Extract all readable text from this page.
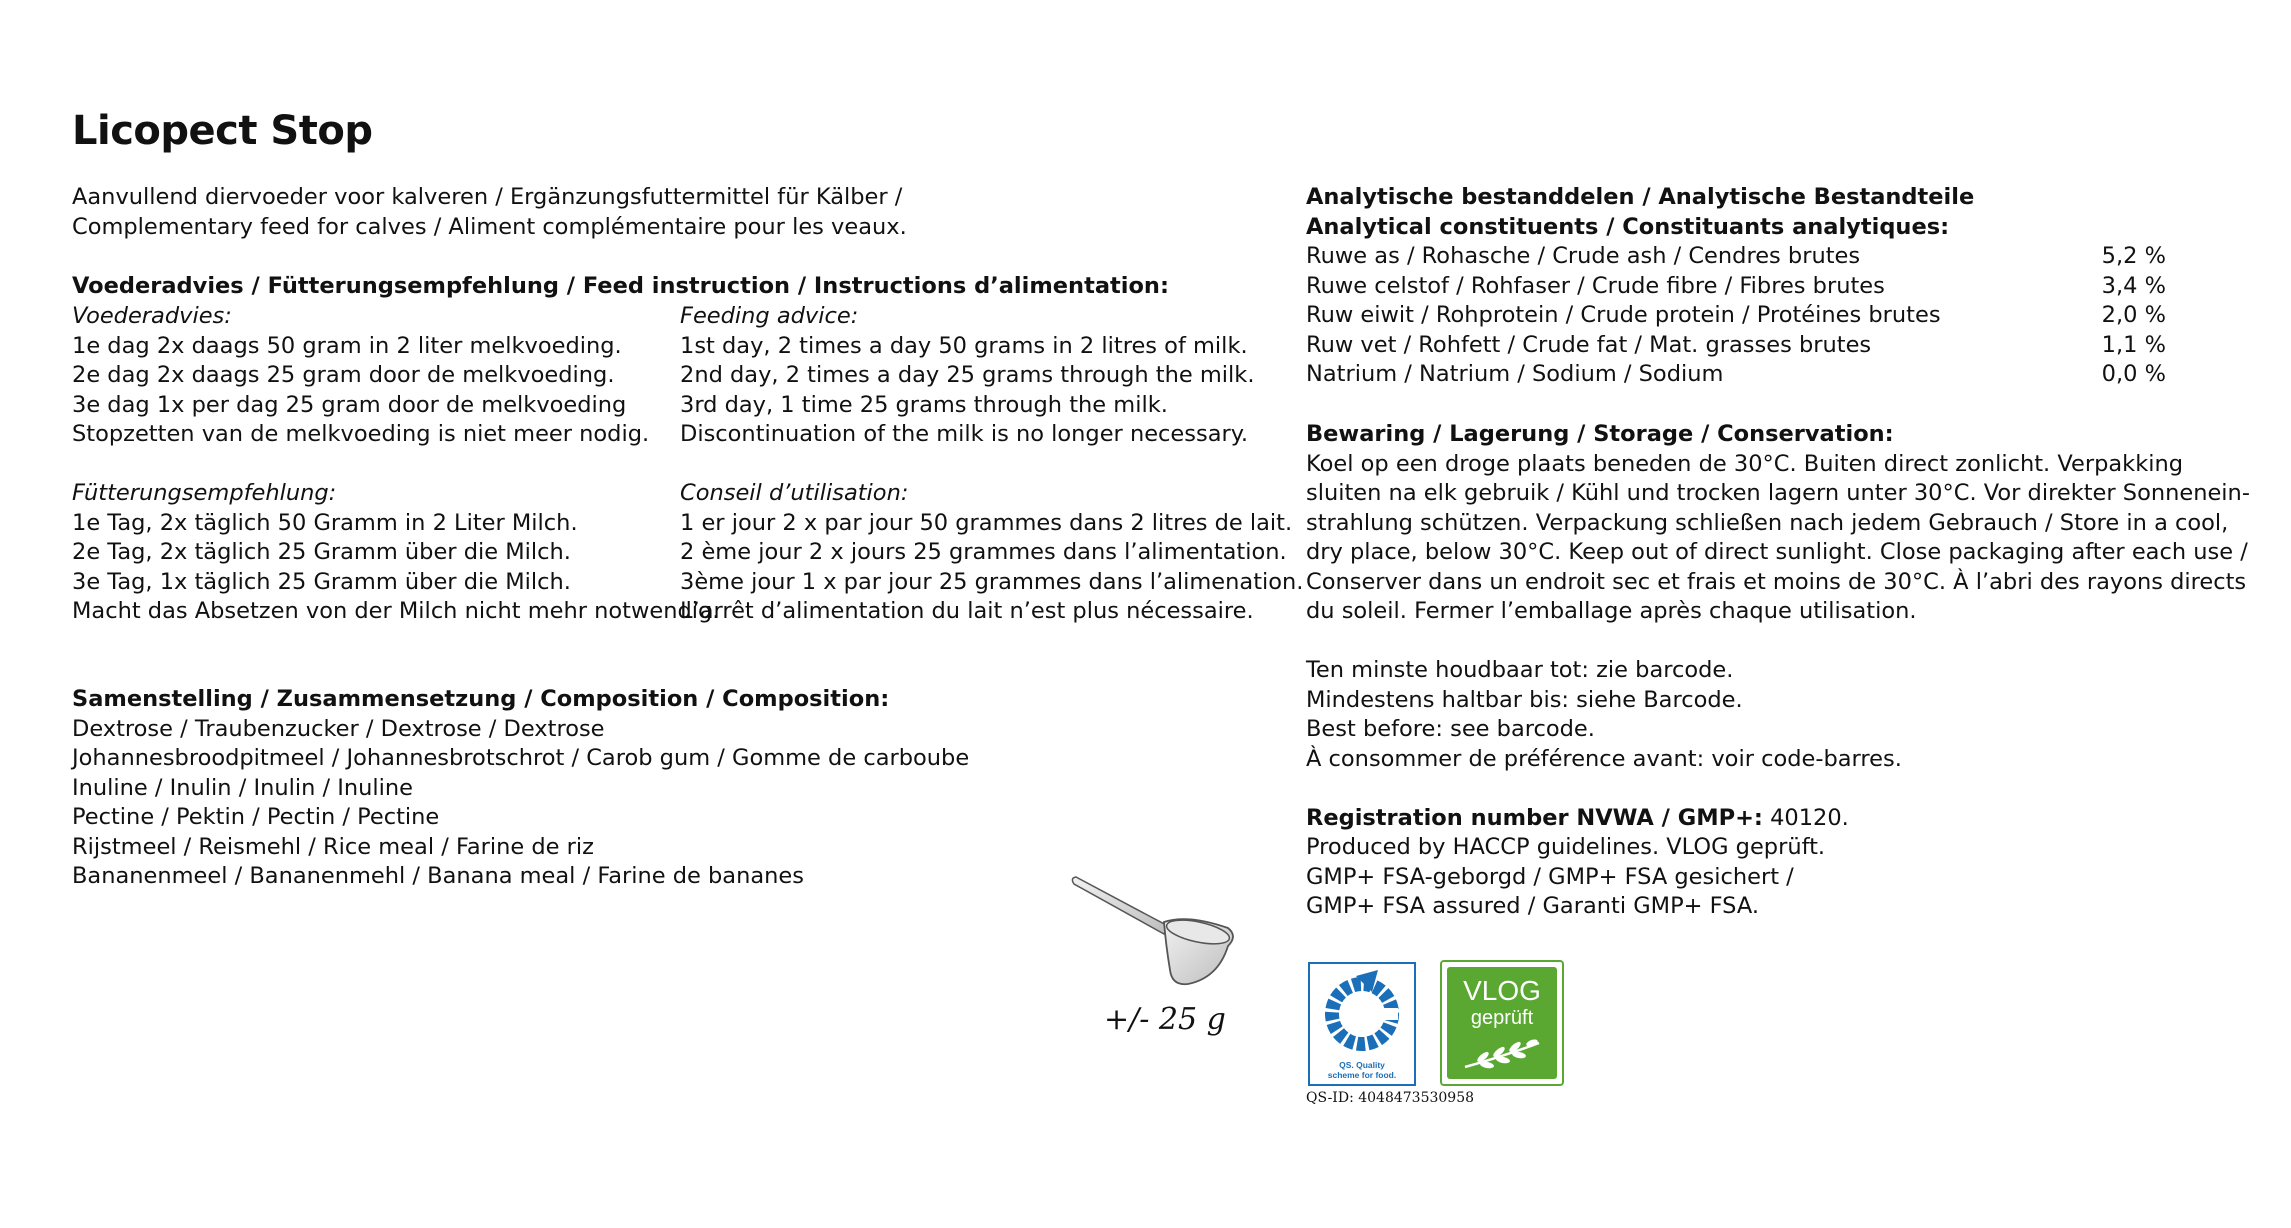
Licopect Stop
Aanvullend diervoeder voor kalveren / Ergänzungsfuttermittel für Kälber /
Complementary feed for calves / Aliment complémentaire pour les veaux.
Voederadvies / Fütterungsempfehlung / Feed instruction / Instructions d’alimentation:
Voederadvies:
1e dag 2x daags 50 gram in 2 liter melkvoeding.
2e dag 2x daags 25 gram door de melkvoeding.
3e dag 1x per dag 25 gram door de melkvoeding
Stopzetten van de melkvoeding is niet meer nodig.
Fütterungsempfehlung:
1e Tag, 2x täglich 50 Gramm in 2 Liter Milch.
2e Tag, 2x täglich 25 Gramm über die Milch.
3e Tag, 1x täglich 25 Gramm über die Milch.
Macht das Absetzen von der Milch nicht mehr notwendig.
Feeding advice:
1st day, 2 times a day 50 grams in 2 litres of milk.
2nd day, 2 times a day 25 grams through the milk.
3rd day, 1 time 25 grams through the milk.
Discontinuation of the milk is no longer necessary.
Conseil d’utilisation:
1 er jour 2 x par jour 50 grammes dans 2 litres de lait.
2 ème jour 2 x jours 25 grammes dans l’alimentation.
3ème jour 1 x par jour 25 grammes dans l’alimenation.
L’arrêt d’alimentation du lait n’est plus nécessaire.
Samenstelling / Zusammensetzung / Composition / Composition:
Dextrose / Traubenzucker / Dextrose / Dextrose
Johannesbroodpitmeel / Johannesbrotschrot / Carob gum / Gomme de carboube
Inuline / Inulin / Inulin / Inuline
Pectine / Pektin / Pectin / Pectine
Rijstmeel / Reismehl / Rice meal / Farine de riz
Bananenmeel / Bananenmehl / Banana meal / Farine de bananes
+/- 25 g
Analytische bestanddelen / Analytische Bestandteile
Analytical constituents / Constituants analytiques:
Ruwe as / Rohasche / Crude ash / Cendres brutes	5,2 %
Ruwe celstof / Rohfaser / Crude fibre / Fibres brutes	3,4 %
Ruw eiwit / Rohprotein / Crude protein / Protéines brutes	2,0 %
Ruw vet / Rohfett / Crude fat / Mat. grasses brutes	1,1 %
Natrium / Natrium / Sodium / Sodium	0,0 %
Bewaring / Lagerung / Storage / Conservation:
Koel op een droge plaats beneden de 30°C. Buiten direct zonlicht. Verpakking
sluiten na elk gebruik / Kühl und trocken lagern unter 30°C. Vor direkter Sonnenein-
strahlung schützen. Verpackung schließen nach jedem Gebrauch / Store in a cool,
dry place, below 30°C. Keep out of direct sunlight. Close packaging after each use /
Conserver dans un endroit sec et frais et moins de 30°C. À l’abri des rayons directs
du soleil. Fermer l’emballage après chaque utilisation.
Ten minste houdbaar tot: zie barcode.
Mindestens haltbar bis: siehe Barcode.
Best before: see barcode.
À consommer de préférence avant: voir code-barres.
Registration number NVWA / GMP+: 40120.
Produced by HACCP guidelines. VLOG geprüft.
GMP+ FSA-geborgd / GMP+ FSA gesichert /
GMP+ FSA assured / Garanti GMP+ FSA.
QS. Quality
scheme for food.
VLOG
geprüft
QS-ID: 4048473530958
